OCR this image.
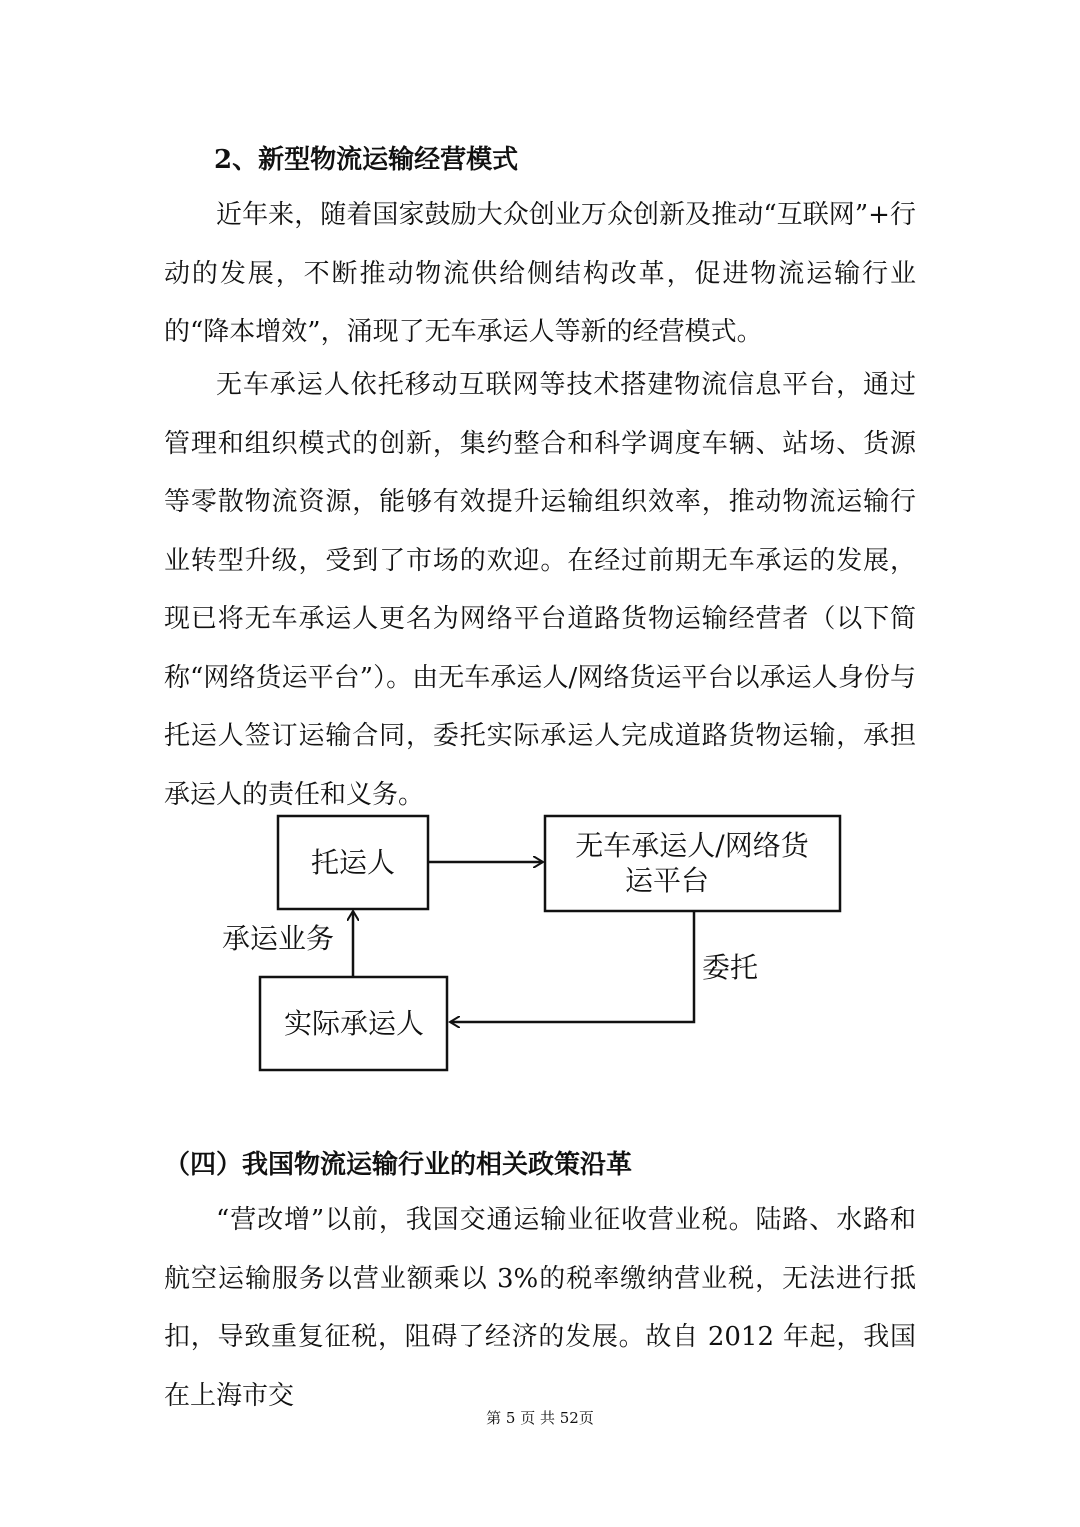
2、新型物流运输经营模式
近年来，随着国家鼓励大众创业万众创新及推动“互联网”+行动的发展，不断推动物流供给侧结构改革，促进物流运输行业的“降本增效”，涌现了无车承运人等新的经营模式。
无车承运人依托移动互联网等技术搭建物流信息平台，通过管理和组织模式的创新，集约整合和科学调度车辆、站场、货源等零散物流资源，能够有效提升运输组织效率，推动物流运输行业转型升级，受到了市场的欢迎。在经过前期无车承运的发展，现已将无车承运人更名为网络平台道路货物运输经营者（以下简称“网络货运平台”）。由无车承运人/网络货运平台以承运人身份与托运人签订运输合同，委托实际承运人完成道路货物运输，承担承运人的责任和义务。
托运人
无车承运人/网络货
运平台
实际承运人
承运业务
委托
（四）我国物流运输行业的相关政策沿革
“营改增”以前，我国交通运输业征收营业税。陆路、水路和航空运输服务以营业额乘以 3%的税率缴纳营业税，无法进行抵扣，导致重复征税，阻碍了经济的发展。故自 2012 年起，我国在上海市交
第 5 页 共 52页
